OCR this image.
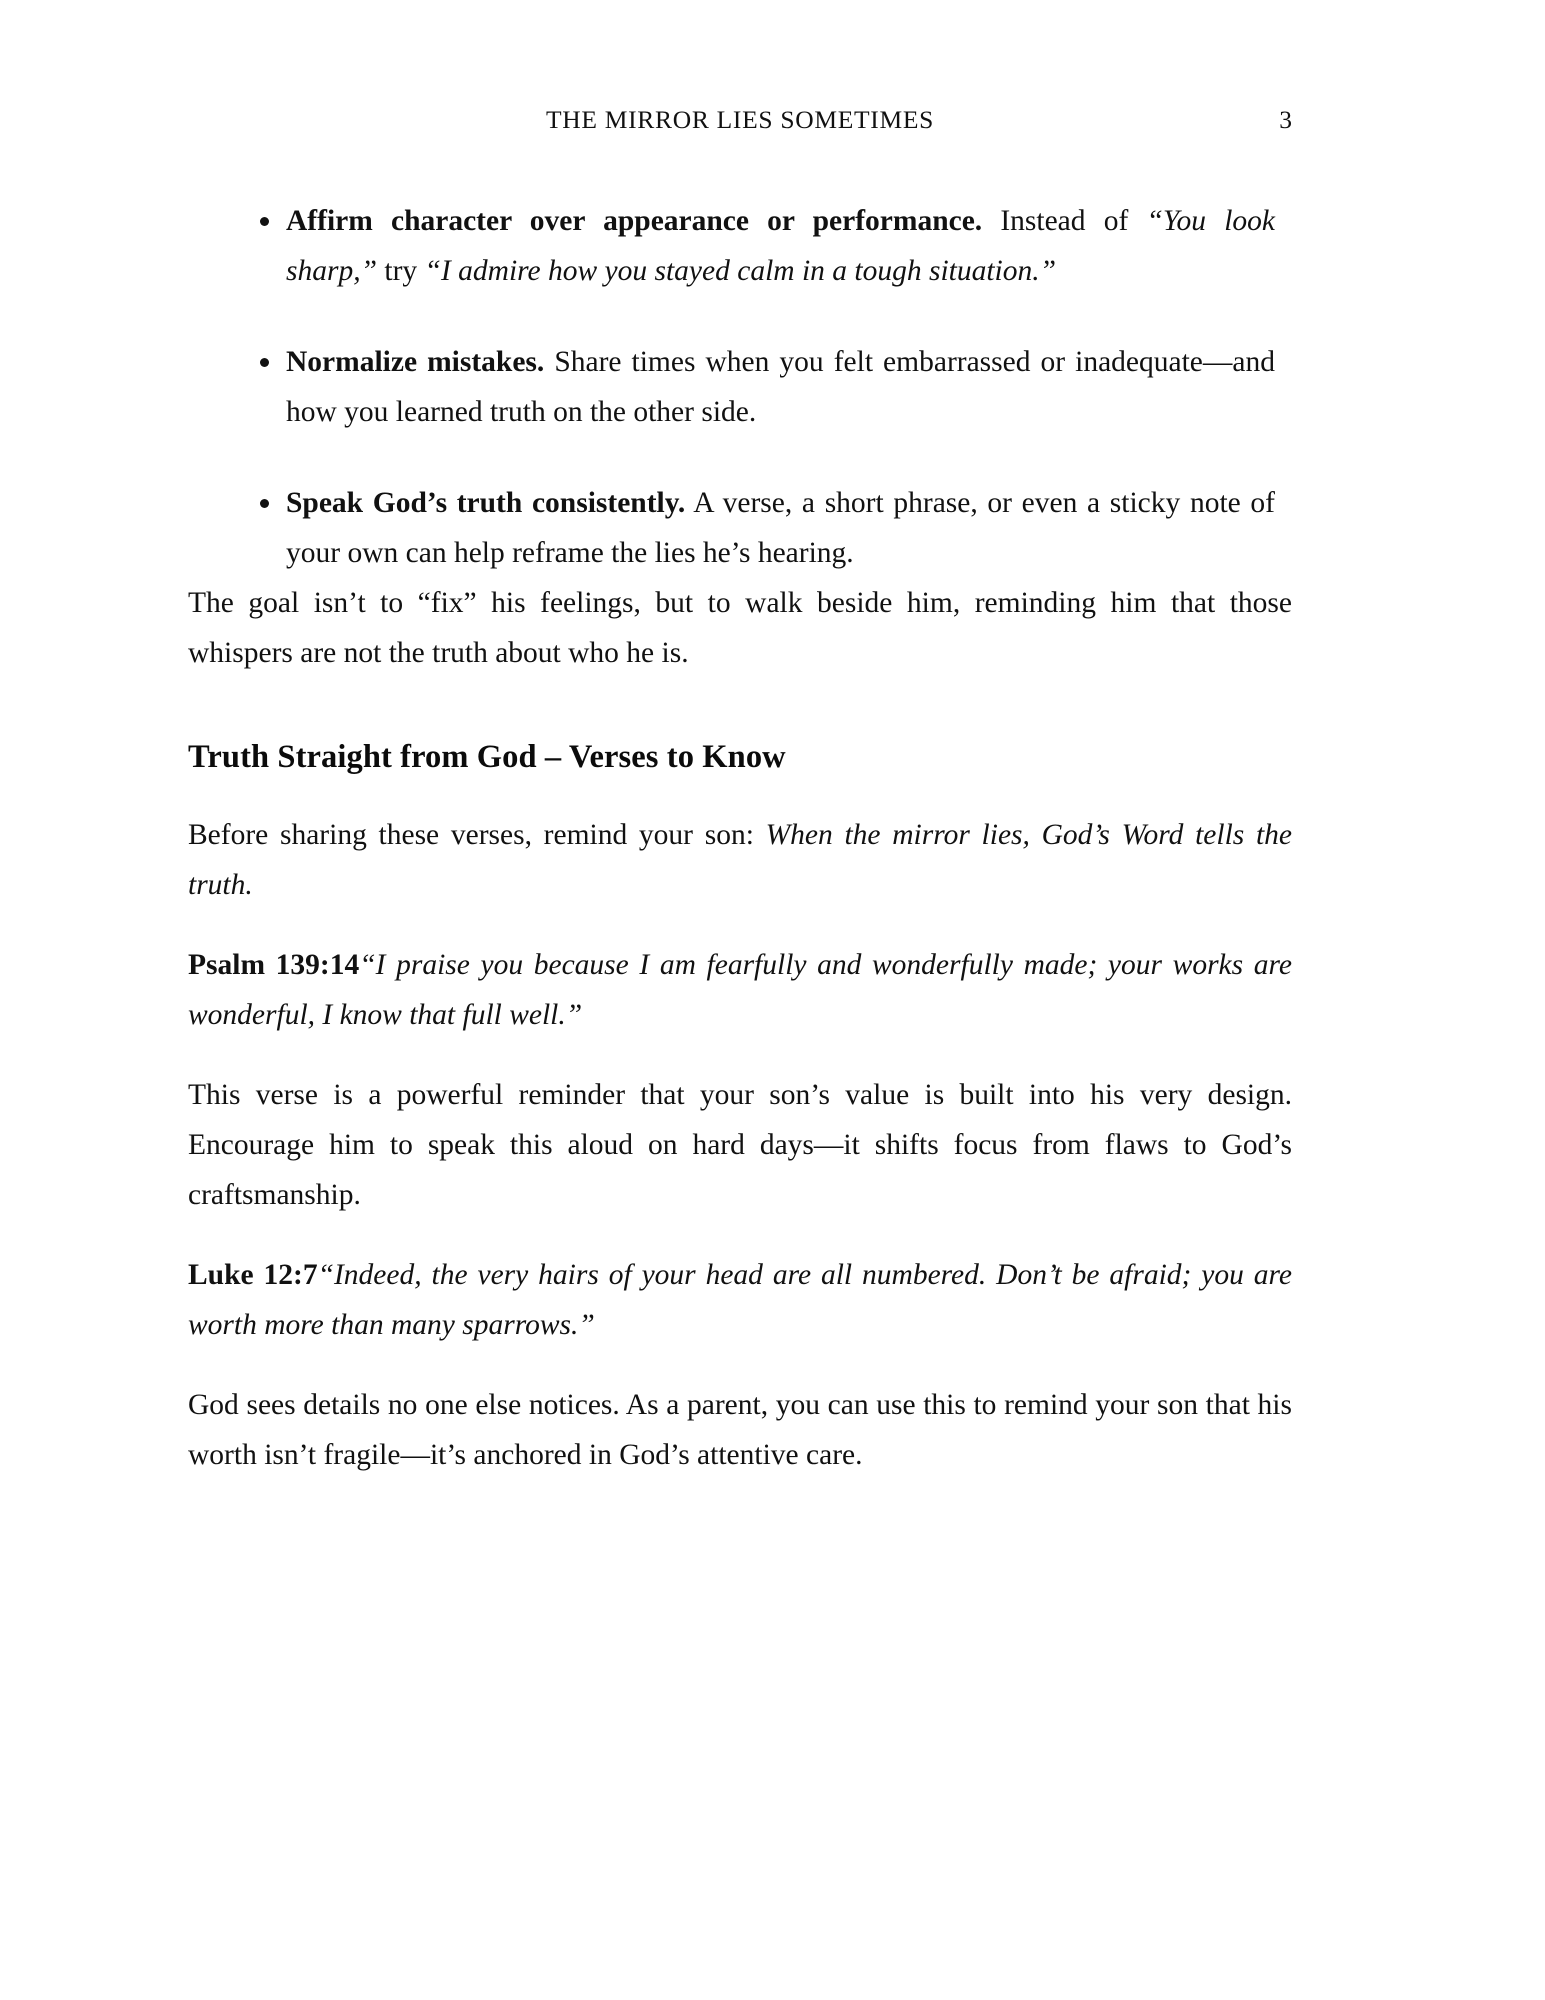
THE MIRROR LIES SOMETIMES	3
Affirm character over appearance or performance. Instead of “You look sharp,” try “I admire how you stayed calm in a tough situation.”
Normalize mistakes. Share times when you felt embarrassed or inadequate—and how you learned truth on the other side.
Speak God’s truth consistently. A verse, a short phrase, or even a sticky note of your own can help reframe the lies he’s hearing.

The goal isn’t to “fix” his feelings, but to walk beside him, reminding him that those whispers are not the truth about who he is.

Truth Straight from God – Verses to Know

Before sharing these verses, remind your son: When the mirror lies, God’s Word tells the truth.

Psalm 139:14“I praise you because I am fearfully and wonderfully made; your works are wonderful, I know that full well.”

This verse is a powerful reminder that your son’s value is built into his very design. Encourage him to speak this aloud on hard days—it shifts focus from flaws to God’s craftsmanship.

Luke 12:7“Indeed, the very hairs of your head are all numbered. Don’t be afraid; you are worth more than many sparrows.”

God sees details no one else notices. As a parent, you can use this to remind your son that his worth isn’t fragile—it’s anchored in God’s attentive care.
